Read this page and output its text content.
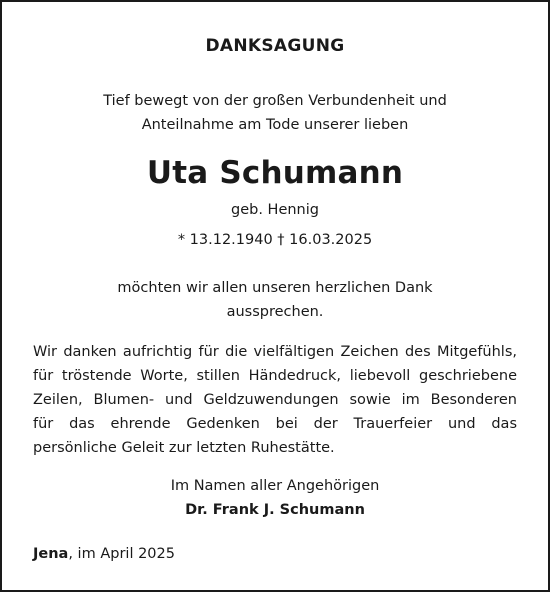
DANKSAGUNG
Tief bewegt von der großen Verbundenheit und
Anteilnahme am Tode unserer lieben
Uta Schumann
geb. Hennig
* 13.12.1940 † 16.03.2025
möchten wir allen unseren herzlichen Dank
aussprechen.
Wir danken aufrichtig für die vielfältigen Zeichen des Mitgefühls,
für tröstende Worte, stillen Händedruck, liebevoll geschriebene
Zeilen, Blumen- und Geldzuwendungen sowie im Besonderen
für das ehrende Gedenken bei der Trauerfeier und das
persönliche Geleit zur letzten Ruhestätte.
Im Namen aller Angehörigen
Dr. Frank J. Schumann
Jena, im April 2025
